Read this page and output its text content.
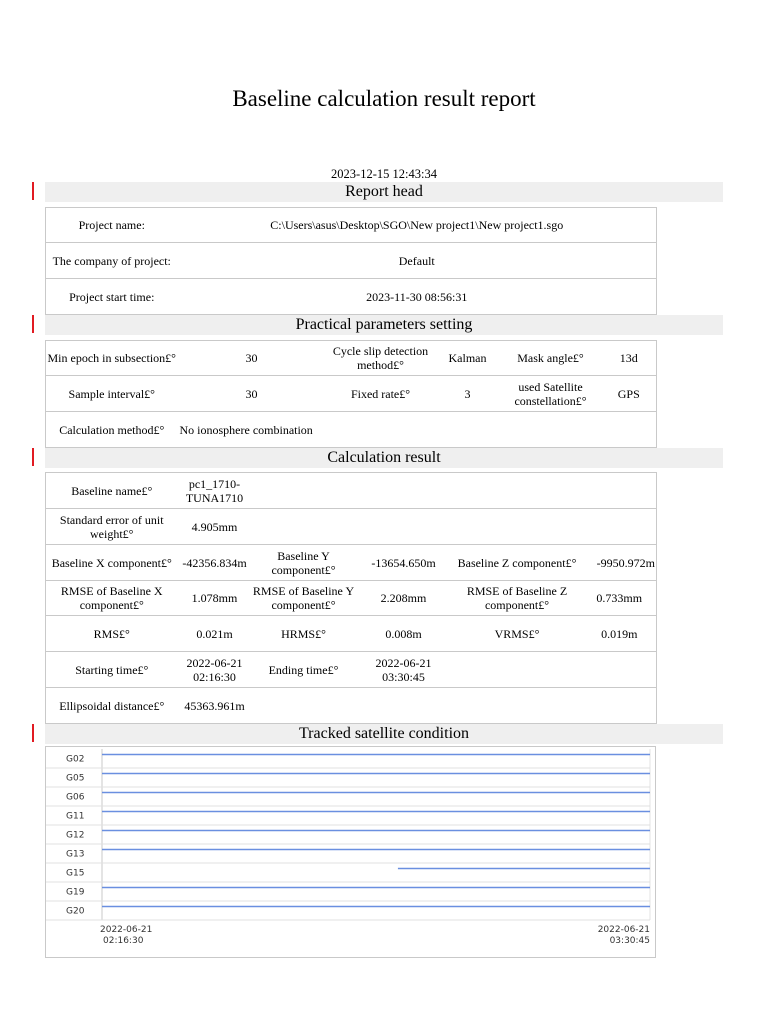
Baseline calculation result report
2023-12-15 12:43:34
Report head
Project name:	C:\Users\asus\Desktop\SGO\New project1\New project1.sgo
The company of project:	Default
Project start time:	2023-11-30 08:56:31
Practical parameters setting
Min epoch in subsection£°	30	Cycle slip detection method£°	Kalman	Mask angle£°	13d
Sample interval£°	30	Fixed rate£°	3	used Satellite constellation£°	GPS
Calculation method£°	No ionosphere combination				
Calculation result
Baseline name£°	pc1_1710-TUNA1710				
Standard error of unit weight£°	4.905mm				
Baseline X component£°	-42356.834m	Baseline Y component£°	-13654.650m	Baseline Z component£°	-9950.972m
RMSE of Baseline X component£°	1.078mm	RMSE of Baseline Y component£°	2.208mm	RMSE of Baseline Z component£°	0.733mm
RMS£°	0.021m	HRMS£°	0.008m	VRMS£°	0.019m
Starting time£°	2022-06-21 02:16:30	Ending time£°	2022-06-21 03:30:45		
Ellipsoidal distance£°	45363.961m				
Tracked satellite condition
G02
G05
G06
G11
G12
G13
G15
G19
G20
2022-06-21
02:16:30
2022-06-21
03:30:45
